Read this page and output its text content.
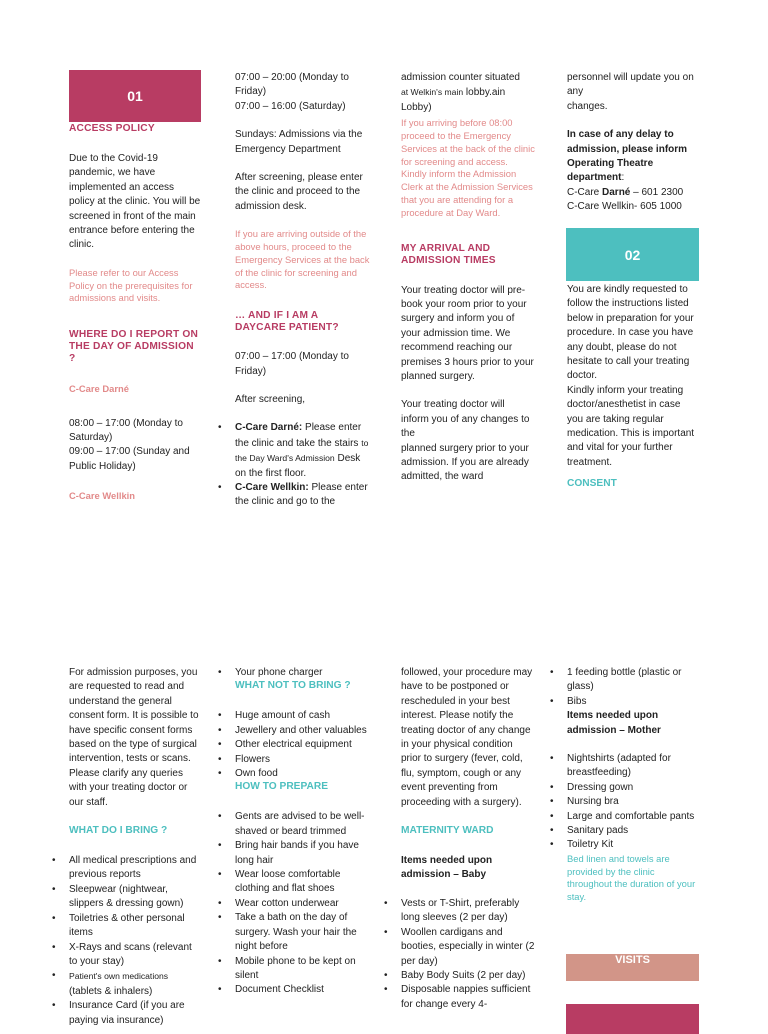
01
02
VISITS

ACCESS POLICY

Due to the Covid-19 pandemic, we have implemented an access policy at the clinic. You will be screened in front of the main entrance before entering the clinic.

Please refer to our Access Policy on the prerequisites for admissions and visits.

WHERE DO I REPORT ON THE DAY OF ADMISSION ?

C-Care Darné

08:00 – 17:00 (Monday to Saturday)
09:00 – 17:00 (Sunday and Public Holiday)

C-Care Wellkin

07:00 – 20:00 (Monday to Friday)
07:00 – 16:00 (Saturday)

Sundays: Admissions via the Emergency Department

After screening, please enter the clinic and proceed to the admission desk.

If you are arriving outside of the above hours, proceed to the Emergency Services at the back of the clinic for screening and access.

… AND IF I AM A DAYCARE PATIENT?

07:00 – 17:00 (Monday to Friday)

After screening,

• C-Care Darné: Please enter the clinic and take the stairs to the Day Ward's Admission Desk on the first floor.
• C-Care Wellkin: Please enter the clinic and go to the

admission counter situated

at Welkin's main lobby.ain Lobby)

If you arriving before 08:00 proceed to the Emergency Services at the back of the clinic for screening and access. Kindly inform the Admission Clerk at the Admission Services that you are attending for a procedure at Day Ward.

MY ARRIVAL AND ADMISSION TIMES

Your treating doctor will pre-book your room prior to your surgery and inform you of your admission time. We recommend reaching our premises 3 hours prior to your
planned surgery.

Your treating doctor will inform you of any changes to the
planned surgery prior to your admission. If you are already admitted, the ward

personnel will update you on any
changes.

In case of any delay to admission, please inform Operating Theatre department:

C-Care Darné – 601 2300

C-Care Wellkin- 605 1000

You are kindly requested to follow the instructions listed below in preparation for your procedure. In case you have any doubt, please do not hesitate to call your treating doctor.
Kindly inform your treating doctor/anesthetist in case you are taking regular medication. This is important and vital for your further treatment.

CONSENT

For admission purposes, you are requested to read and understand the general consent form. It is possible to have specific consent forms based on the type of surgical intervention, tests or scans. Please clarify any queries with your treating doctor or our staff.

WHAT DO I BRING ?

• All medical prescriptions and previous reports
• Sleepwear (nightwear, slippers & dressing gown)
• Toiletries & other personal items
• X-Rays and scans (relevant to your stay)
• Patient's own medications (tablets & inhalers)
• Insurance Card (if you are paying via insurance)
• Your phone charger

WHAT NOT TO BRING ?

• Huge amount of cash
• Jewellery and other valuables
• Other electrical equipment
• Flowers
• Own food

HOW TO PREPARE

• Gents are advised to be well-shaved or beard trimmed
• Bring hair bands if you have long hair
• Wear loose comfortable clothing and flat shoes
• Wear cotton underwear
• Take a bath on the day of surgery. Wash your hair the night before
• Mobile phone to be kept on silent
• Document Checklist

followed, your procedure may have to be postponed or rescheduled in your best interest. Please notify the treating doctor of any change in your physical condition prior to surgery (fever, cold, flu, symptom, cough or any event preventing from proceeding with a surgery).

MATERNITY WARD

Items needed upon admission – Baby

• Vests or T-Shirt, preferably long sleeves (2 per day)
• Woollen cardigans and booties, especially in winter (2 per day)
• Baby Body Suits (2 per day)
• Disposable nappies sufficient for change every 4-
• 1 feeding bottle (plastic or glass)
• Bibs

Items needed upon admission – Mother

• Nightshirts (adapted for breastfeeding)
• Dressing gown
• Nursing bra
• Large and comfortable pants
• Sanitary pads
• Toiletry Kit

Bed linen and towels are provided by the clinic throughout the duration of your stay.
